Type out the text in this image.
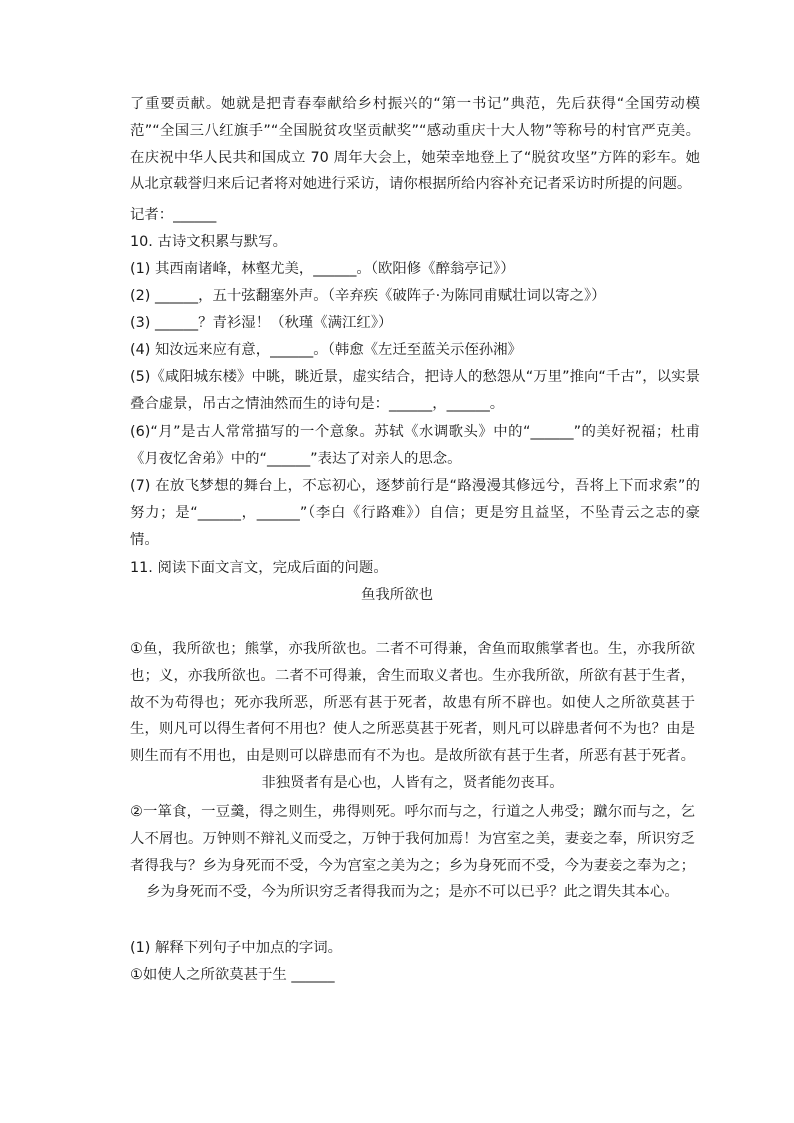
了重要贡献。她就是把青春奉献给乡村振兴的“第一书记”典范，先后获得“全国劳动模范”“全国三八红旗手”“全国脱贫攻坚贡献奖”“感动重庆十大人物”等称号的村官严克美。在庆祝中华人民共和国成立 70 周年大会上，她荣幸地登上了“脱贫攻坚”方阵的彩车。她从北京载誉归来后记者将对她进行采访，请你根据所给内容补充记者采访时所提的问题。
记者：______
10. 古诗文积累与默写。
(1) 其西南诸峰，林壑尤美，______。（欧阳修《醉翁亭记》）
(2) ______，五十弦翻塞外声。（辛弃疾《破阵子·为陈同甫赋壮词以寄之》）
(3) ______？青衫湿！（秋瑾《满江红》）
(4) 知汝远来应有意，______。（韩愈《左迁至蓝关示侄孙湘》
(5)《咸阳城东楼》中眺，眺近景，虚实结合，把诗人的愁怨从“万里”推向“千古”，以实景叠合虚景，吊古之情油然而生的诗句是：______，______。
(6)“月”是古人常常描写的一个意象。苏轼《水调歌头》中的“______”的美好祝福；杜甫《月夜忆舍弟》中的“______”表达了对亲人的思念。
(7) 在放飞梦想的舞台上，不忘初心，逐梦前行是“路漫漫其修远兮，吾将上下而求索”的努力；是“______，______”（李白《行路难》）自信；更是穷且益坚，不坠青云之志的豪情。
11. 阅读下面文言文，完成后面的问题。
鱼我所欲也
①鱼，我所欲也；熊掌，亦我所欲也。二者不可得兼，舍鱼而取熊掌者也。生，亦我所欲也；义，亦我所欲也。二者不可得兼，舍生而取义者也。生亦我所欲，所欲有甚于生者，故不为苟得也；死亦我所恶，所恶有甚于死者，故患有所不辟也。如使人之所欲莫甚于生，则凡可以得生者何不用也？使人之所恶莫甚于死者，则凡可以辟患者何不为也？由是则生而有不用也，由是则可以辟患而有不为也。是故所欲有甚于生者，所恶有甚于死者。非独贤者有是心也，人皆有之，贤者能勿丧耳。
②一箪食，一豆羹，得之则生，弗得则死。呼尔而与之，行道之人弗受；蹴尔而与之，乞人不屑也。万钟则不辩礼义而受之，万钟于我何加焉！为宫室之美，妻妾之奉，所识穷乏者得我与？乡为身死而不受，今为宫室之美为之；乡为身死而不受，今为妻妾之奉为之；乡为身死而不受，今为所识穷乏者得我而为之；是亦不可以已乎？此之谓失其本心。
(1) 解释下列句子中加点的字词。
①如使人之所欲莫甚于生 ______
